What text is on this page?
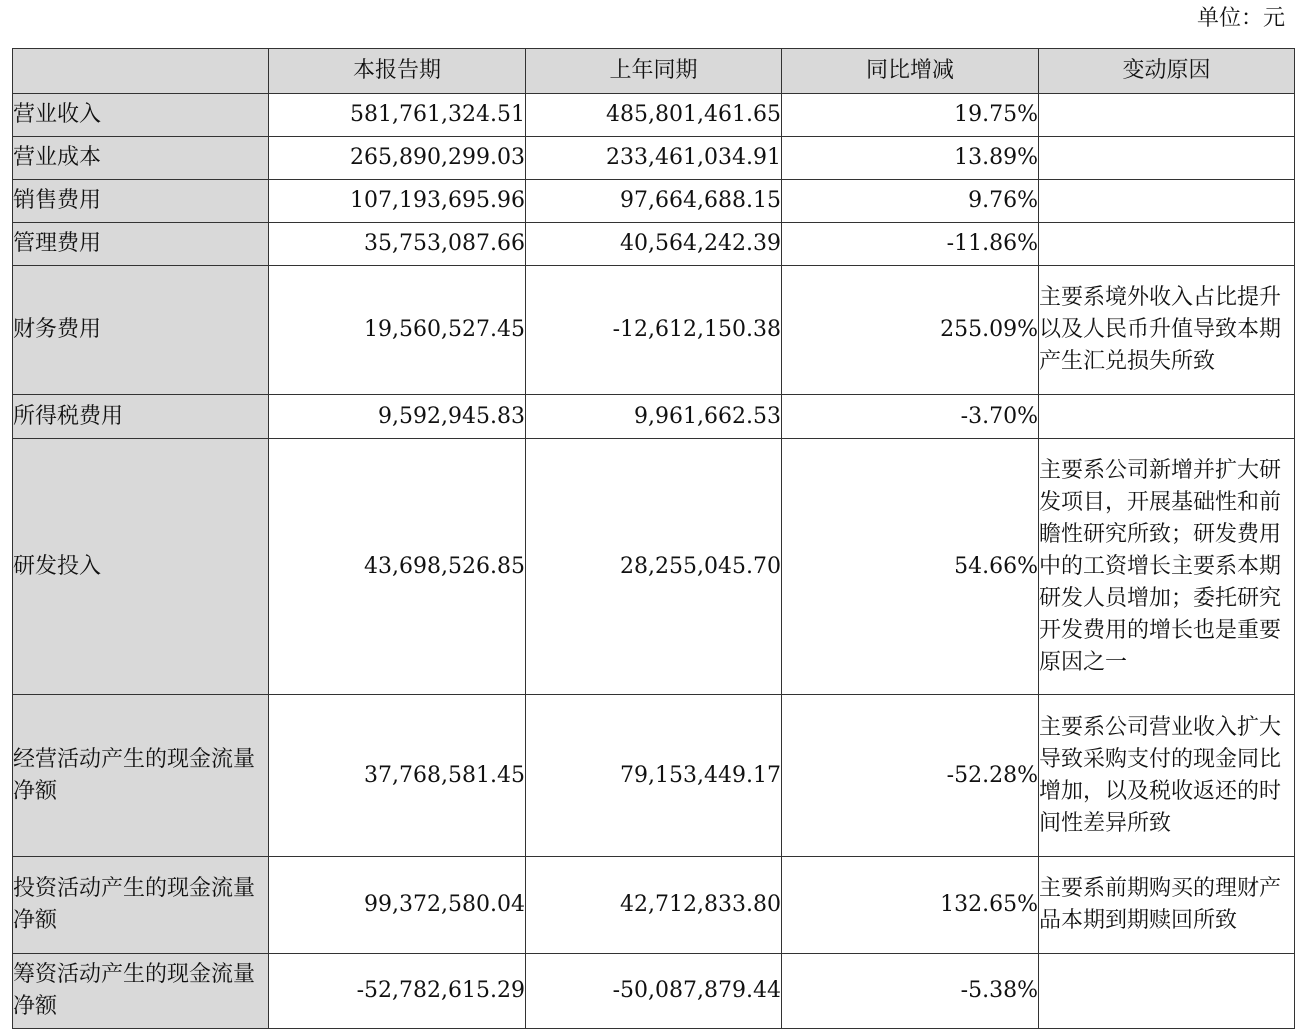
单位：元
	本报告期	上年同期	同比增减	变动原因
营业收入	581,761,324.51	485,801,461.65	19.75%	
营业成本	265,890,299.03	233,461,034.91	13.89%	
销售费用	107,193,695.96	97,664,688.15	9.76%	
管理费用	35,753,087.66	40,564,242.39	-11.86%	
财务费用	19,560,527.45	-12,612,150.38	255.09%	主要系境外收入占比提升以及人民币升值导致本期产生汇兑损失所致
所得税费用	9,592,945.83	9,961,662.53	-3.70%	
研发投入	43,698,526.85	28,255,045.70	54.66%	主要系公司新增并扩大研发项目，开展基础性和前瞻性研究所致；研发费用中的工资增长主要系本期研发人员增加；委托研究开发费用的增长也是重要原因之一
经营活动产生的现金流量净额	37,768,581.45	79,153,449.17	-52.28%	主要系公司营业收入扩大导致采购支付的现金同比增加，以及税收返还的时间性差异所致
投资活动产生的现金流量净额	99,372,580.04	42,712,833.80	132.65%	主要系前期购买的理财产品本期到期赎回所致
筹资活动产生的现金流量净额	-52,782,615.29	-50,087,879.44	-5.38%	
